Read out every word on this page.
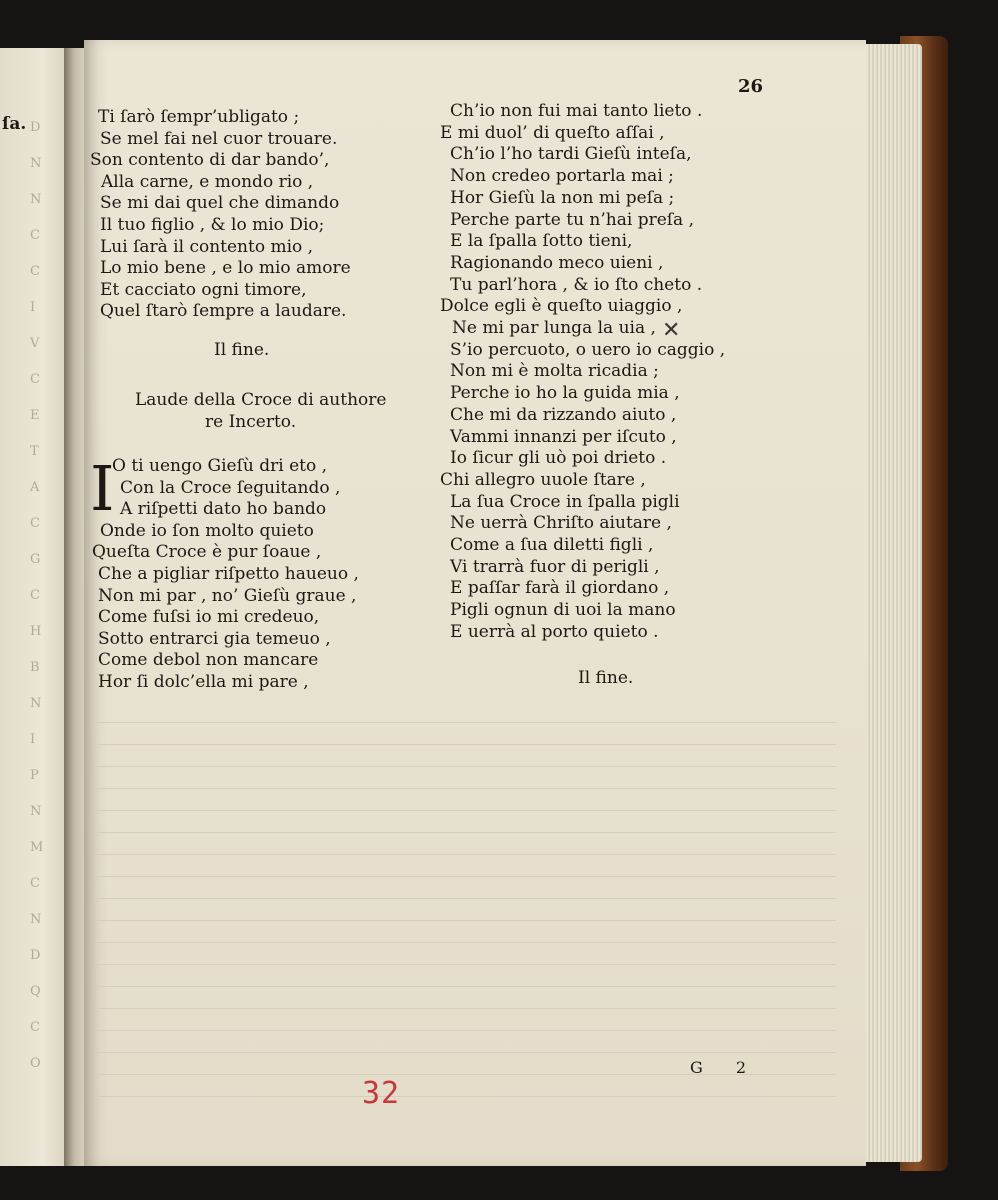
ſa. D
N
N
C
C
I
V
C
E
T
A
C
G
C
H
B
N
I
P
N
M
C
N
D
Q
C
O
26
Ti ſarò ſempr’ubligato ;
Se mel fai nel cuor trouare.
Son contento di dar bando’,
Alla carne, e mondo rio ,
Se mi dai quel che dimando
Il tuo figlio , & lo mio Dio;
Lui ſarà il contento mio ,
Lo mio bene , e lo mio amore
Et cacciato ogni timore,
Quel ſtarò ſempre a laudare.
Il fine.
Laude della Croce di authore
re Incerto.
I
O ti uengo Gieſù dri eto ,
Con la Croce ſeguitando ,
A riſpetti dato ho bando
Onde io ſon molto quieto
Queſta Croce è pur ſoaue ,
Che a pigliar riſpetto haueuo ,
Non mi par , no’ Gieſù graue ,
Come fuſsi io mi credeuo,
Sotto entrarci gia temeuo ,
Come debol non mancare
Hor ſi dolc’ella mi pare ,
Ch’io non fui mai tanto lieto .
E mi duol’ di queſto aſſai ,
Ch’io l’ho tardi Gieſù inteſa,
Non credeo portarla mai ;
Hor Gieſù la non mi peſa ;
Perche parte tu n’hai preſa ,
E la ſpalla ſotto tieni,
Ragionando meco uieni ,
Tu parl’hora , & io ſto cheto .
Dolce egli è queſto uiaggio ,
Ne mi par lunga la uia ,
S’io percuoto, o uero io caggio ,
Non mi è molta ricadia ;
Perche io ho la guida mia ,
Che mi da rizzando aiuto ,
Vammi innanzi per iſcuto ,
Io ſicur gli uò poi drieto .
Chi allegro uuole ſtare ,
La ſua Croce in ſpalla pigli
Ne uerrà Chriſto aiutare ,
Come a ſua diletti figli ,
Vi trarrà fuor di perigli ,
E paſſar farà il giordano ,
Pigli ognun di uoi la mano
E uerrà al porto quieto .
✕
Il fine.
G 2
32
